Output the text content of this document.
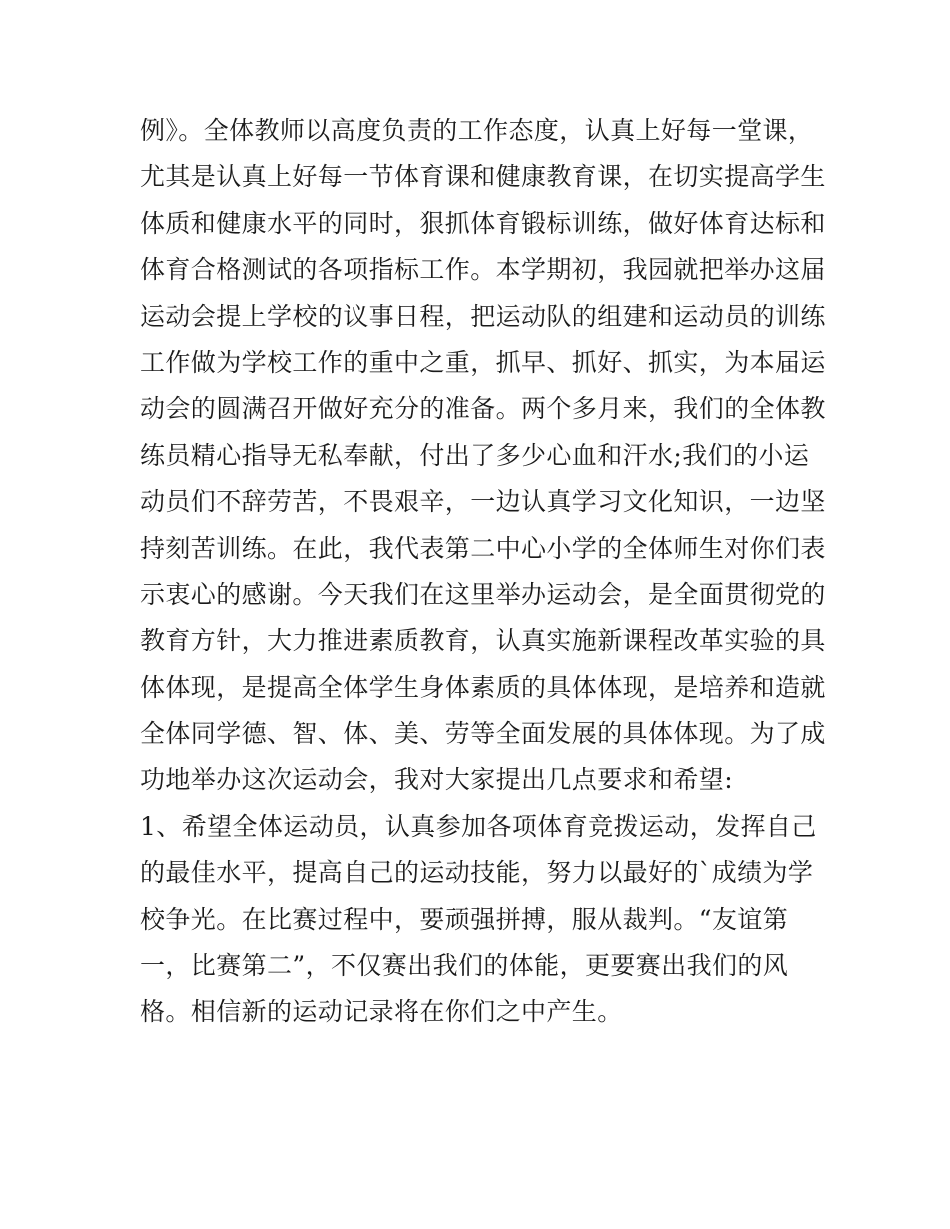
例》。全体教师以高度负责的工作态度，认真上好每一堂课，
尤其是认真上好每一节体育课和健康教育课，在切实提高学生
体质和健康水平的同时，狠抓体育锻标训练，做好体育达标和
体育合格测试的各项指标工作。本学期初，我园就把举办这届
运动会提上学校的议事日程，把运动队的组建和运动员的训练
工作做为学校工作的重中之重，抓早、抓好、抓实，为本届运
动会的圆满召开做好充分的准备。两个多月来，我们的全体教
练员精心指导无私奉献，付出了多少心血和汗水;我们的小运
动员们不辞劳苦，不畏艰辛，一边认真学习文化知识，一边坚
持刻苦训练。在此，我代表第二中心小学的全体师生对你们表
示衷心的感谢。今天我们在这里举办运动会，是全面贯彻党的
教育方针，大力推进素质教育，认真实施新课程改革实验的具
体体现，是提高全体学生身体素质的具体体现，是培养和造就
全体同学德、智、体、美、劳等全面发展的具体体现。为了成
功地举办这次运动会，我对大家提出几点要求和希望:
1、希望全体运动员，认真参加各项体育竞拨运动，发挥自己
的最佳水平，提高自己的运动技能，努力以最好的`成绩为学
校争光。在比赛过程中，要顽强拼搏，服从裁判。“友谊第
一，比赛第二”，不仅赛出我们的体能，更要赛出我们的风
格。相信新的运动记录将在你们之中产生。
